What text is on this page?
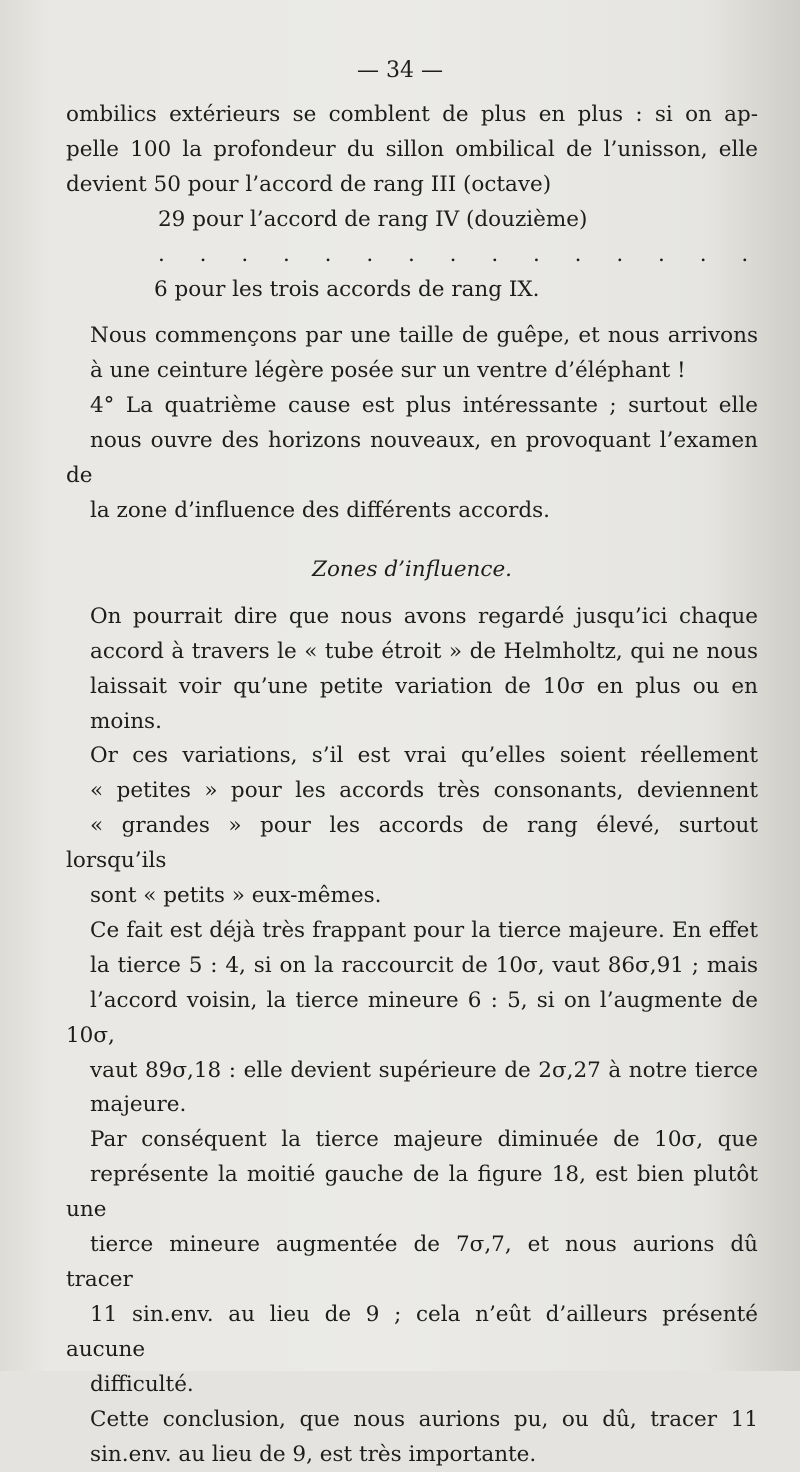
— 34 —

ombilics extérieurs se comblent de plus en plus : si on ap-
pelle 100 la profondeur du sillon ombilical de l’unisson, elle
devient 50 pour l’accord de rang III (octave)
29 pour l’accord de rang IV (douzième)
. . . . . . . . . . . . . . .
6 pour les trois accords de rang IX.

Nous commençons par une taille de guêpe, et nous arrivons
à une ceinture légère posée sur un ventre d’éléphant !

4° La quatrième cause est plus intéressante ; surtout elle
nous ouvre des horizons nouveaux, en provoquant l’examen de
la zone d’influence des différents accords.

Zones d’influence.

On pourrait dire que nous avons regardé jusqu’ici chaque
accord à travers le « tube étroit » de Helmholtz, qui ne nous
laissait voir qu’une petite variation de 10σ en plus ou en
moins.

Or ces variations, s’il est vrai qu’elles soient réellement
« petites » pour les accords très consonants, deviennent
« grandes » pour les accords de rang élevé, surtout lorsqu’ils
sont « petits » eux-mêmes.

Ce fait est déjà très frappant pour la tierce majeure. En effet
la tierce 5 : 4, si on la raccourcit de 10σ, vaut 86σ,91 ; mais
l’accord voisin, la tierce mineure 6 : 5, si on l’augmente de 10σ,
vaut 89σ,18 : elle devient supérieure de 2σ,27 à notre tierce
majeure.

Par conséquent la tierce majeure diminuée de 10σ, que
représente la moitié gauche de la figure 18, est bien plutôt une
tierce mineure augmentée de 7σ,7, et nous aurions dû tracer
11 sin.env. au lieu de 9 ; cela n’eût d’ailleurs présenté aucune
difficulté.

Cette conclusion, que nous aurions pu, ou dû, tracer 11
sin.env. au lieu de 9, est très importante.
